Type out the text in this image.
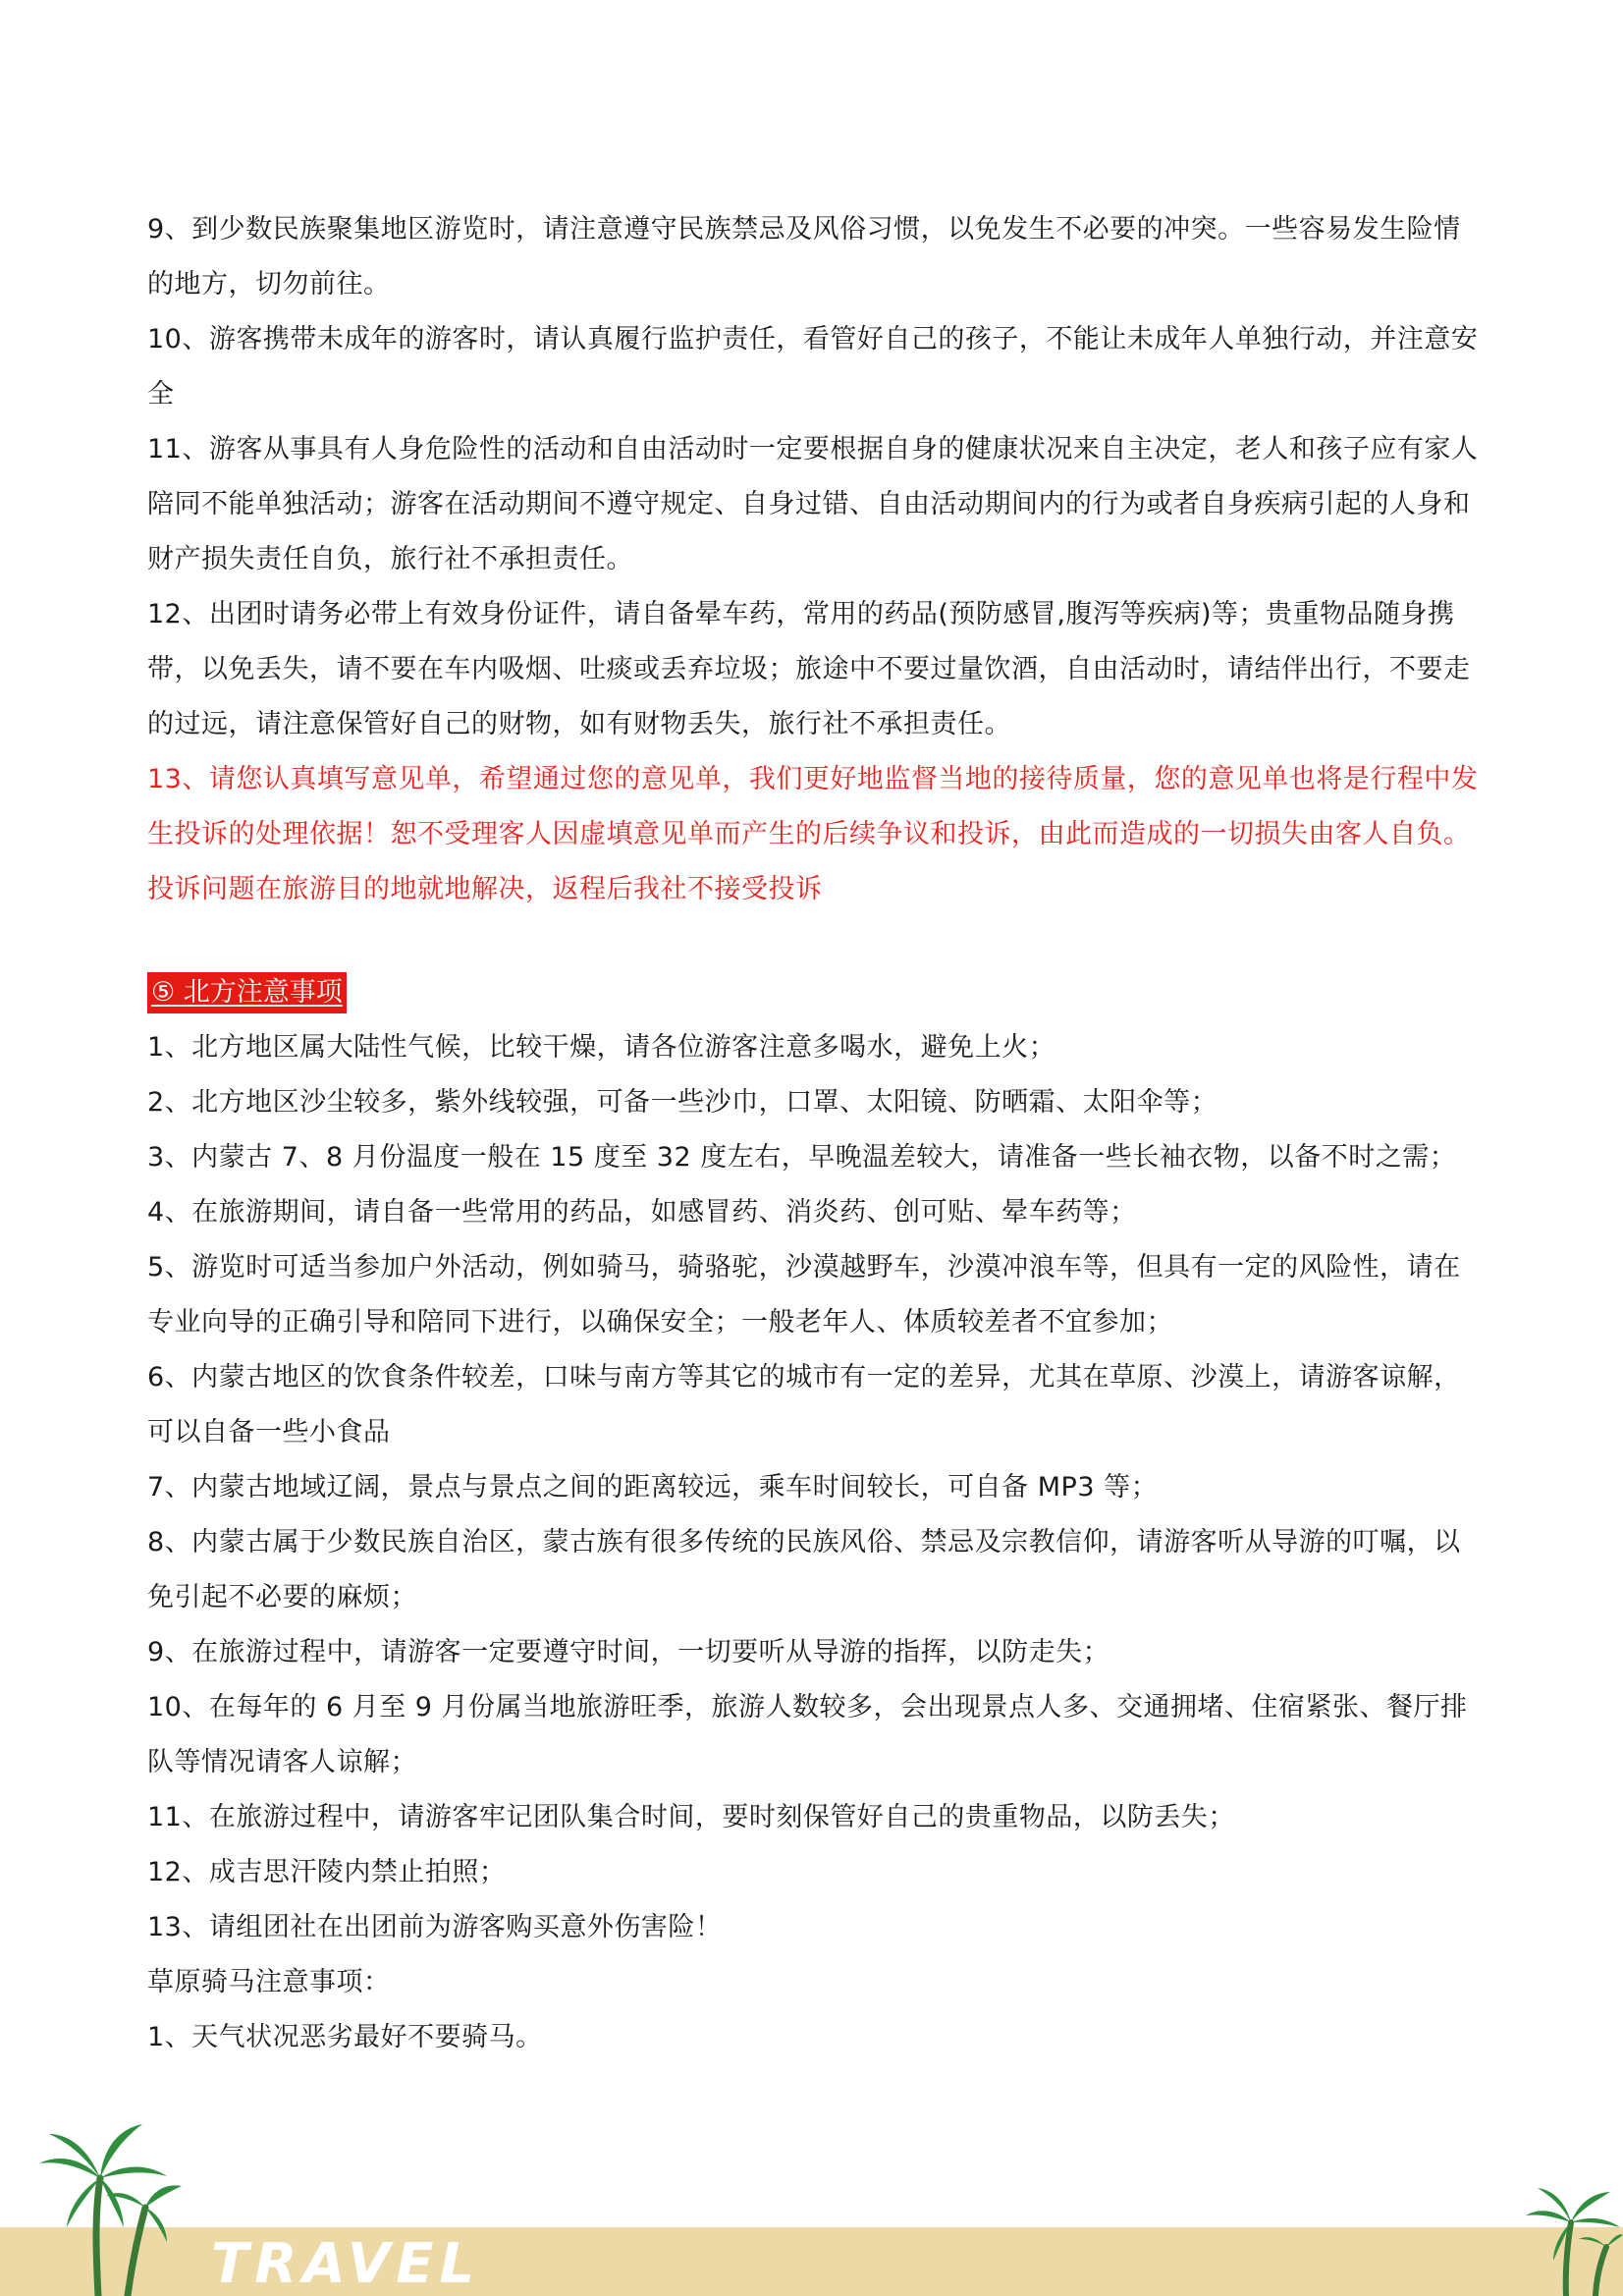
9、到少数民族聚集地区游览时，请注意遵守民族禁忌及风俗习惯，以免发生不必要的冲突。一些容易发生险情的地方，切勿前往。

10、游客携带未成年的游客时，请认真履行监护责任，看管好自己的孩子，不能让未成年人单独行动，并注意安全

11、游客从事具有人身危险性的活动和自由活动时一定要根据自身的健康状况来自主决定，老人和孩子应有家人陪同不能单独活动；游客在活动期间不遵守规定、自身过错、自由活动期间内的行为或者自身疾病引起的人身和财产损失责任自负，旅行社不承担责任。

12、出团时请务必带上有效身份证件，请自备晕车药，常用的药品(预防感冒,腹泻等疾病)等；贵重物品随身携带，以免丢失，请不要在车内吸烟、吐痰或丢弃垃圾；旅途中不要过量饮酒，自由活动时，请结伴出行，不要走的过远，请注意保管好自己的财物，如有财物丢失，旅行社不承担责任。

13、请您认真填写意见单，希望通过您的意见单，我们更好地监督当地的接待质量，您的意见单也将是行程中发生投诉的处理依据！恕不受理客人因虚填意见单而产生的后续争议和投诉，由此而造成的一切损失由客人自负。投诉问题在旅游目的地就地解决，返程后我社不接受投诉

⑤ 北方注意事项

1、北方地区属大陆性气候，比较干燥，请各位游客注意多喝水，避免上火；

2、北方地区沙尘较多，紫外线较强，可备一些沙巾，口罩、太阳镜、防晒霜、太阳伞等；

3、内蒙古 7、8 月份温度一般在 15 度至 32 度左右，早晚温差较大，请准备一些长袖衣物，以备不时之需；

4、在旅游期间，请自备一些常用的药品，如感冒药、消炎药、创可贴、晕车药等；

5、游览时可适当参加户外活动，例如骑马，骑骆驼，沙漠越野车，沙漠冲浪车等，但具有一定的风险性，请在专业向导的正确引导和陪同下进行，以确保安全；一般老年人、体质较差者不宜参加；

6、内蒙古地区的饮食条件较差，口味与南方等其它的城市有一定的差异，尤其在草原、沙漠上，请游客谅解，可以自备一些小食品

7、内蒙古地域辽阔，景点与景点之间的距离较远，乘车时间较长，可自备 MP3 等；

8、内蒙古属于少数民族自治区，蒙古族有很多传统的民族风俗、禁忌及宗教信仰，请游客听从导游的叮嘱，以免引起不必要的麻烦；

9、在旅游过程中，请游客一定要遵守时间，一切要听从导游的指挥，以防走失；

10、在每年的 6 月至 9 月份属当地旅游旺季，旅游人数较多，会出现景点人多、交通拥堵、住宿紧张、餐厅排队等情况请客人谅解；

11、在旅游过程中，请游客牢记团队集合时间，要时刻保管好自己的贵重物品，以防丢失；

12、成吉思汗陵内禁止拍照；

13、请组团社在出团前为游客购买意外伤害险！

草原骑马注意事项：

1、天气状况恶劣最好不要骑马。

TRAVEL
